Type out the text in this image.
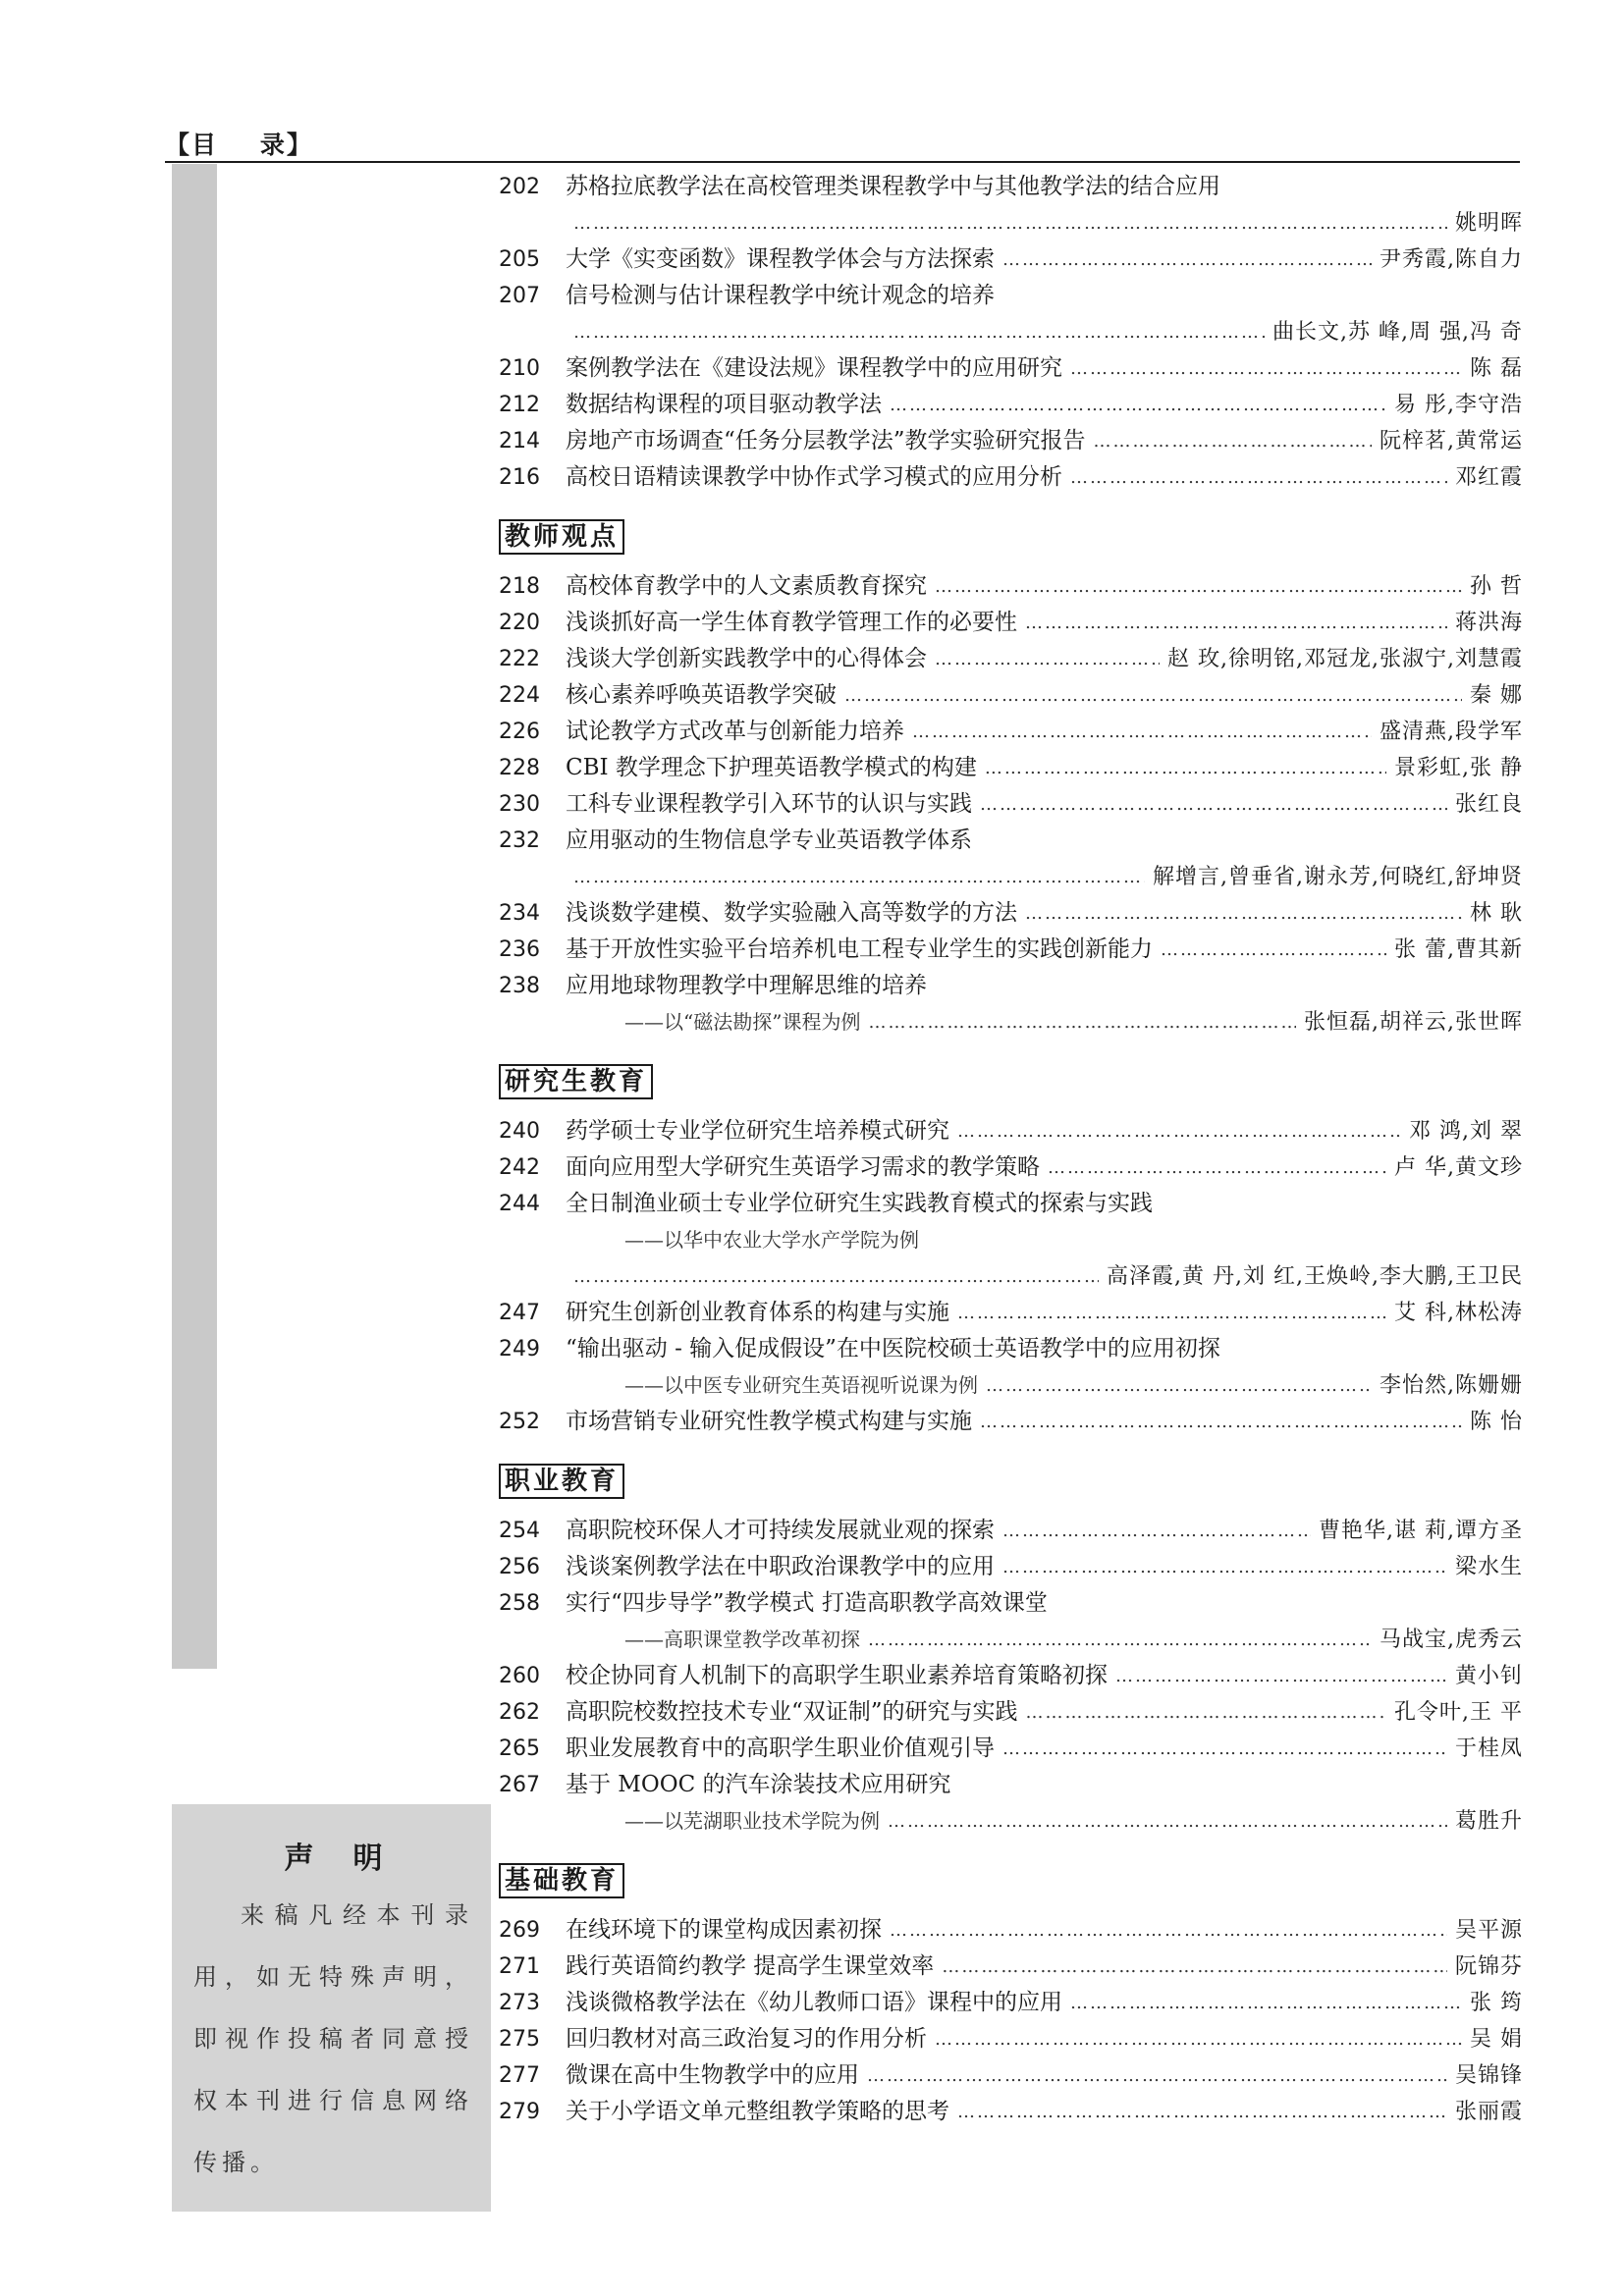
【目    录】
声明
来稿凡经本刊录用，如无特殊声明，即视作投稿者同意授权本刊进行信息网络传播。
202	苏格拉底教学法在高校管理类课程教学中与其他教学法的结合应用
……………………………………………………………………………………………………………………………………………………………………………………………………
姚明晖
205	大学《实变函数》课程教学体会与方法探索 ……………………………………………………………………………………………………………………………………………………………………………………………………	尹秀霞,陈自力
207	信号检测与估计课程教学中统计观念的培养
……………………………………………………………………………………………………………………………………………………………………………………………………
曲长文,苏 峰,周 强,冯 奇
210	案例教学法在《建设法规》课程教学中的应用研究 ……………………………………………………………………………………………………………………………………………………………………………………………………	陈 磊
212	数据结构课程的项目驱动教学法 ……………………………………………………………………………………………………………………………………………………………………………………………………	易 彤,李守浩
214	房地产市场调查“任务分层教学法”教学实验研究报告 ……………………………………………………………………………………………………………………………………………………………………………………………………	阮梓茗,黄常运
216	高校日语精读课教学中协作式学习模式的应用分析 ……………………………………………………………………………………………………………………………………………………………………………………………………	邓红霞
教师观点
218	高校体育教学中的人文素质教育探究 ……………………………………………………………………………………………………………………………………………………………………………………………………	孙 哲
220	浅谈抓好高一学生体育教学管理工作的必要性 ……………………………………………………………………………………………………………………………………………………………………………………………………	蒋洪海
222	浅谈大学创新实践教学中的心得体会 ……………………………………………………………………………………………………………………………………………………………………………………………………	赵 玫,徐明铭,邓冠龙,张淑宁,刘慧霞
224	核心素养呼唤英语教学突破 ……………………………………………………………………………………………………………………………………………………………………………………………………	秦 娜
226	试论教学方式改革与创新能力培养 ……………………………………………………………………………………………………………………………………………………………………………………………………	盛清燕,段学军
228	CBI 教学理念下护理英语教学模式的构建 ……………………………………………………………………………………………………………………………………………………………………………………………………	景彩虹,张 静
230	工科专业课程教学引入环节的认识与实践 ……………………………………………………………………………………………………………………………………………………………………………………………………	张红良
232	应用驱动的生物信息学专业英语教学体系
……………………………………………………………………………………………………………………………………………………………………………………………………
解增言,曾垂省,谢永芳,何晓红,舒坤贤
234	浅谈数学建模、数学实验融入高等数学的方法 ……………………………………………………………………………………………………………………………………………………………………………………………………	林 耿
236	基于开放性实验平台培养机电工程专业学生的实践创新能力 ……………………………………………………………………………………………………………………………………………………………………………………………………	张 蕾,曹其新
238	应用地球物理教学中理解思维的培养
——以“磁法勘探”课程为例 ……………………………………………………………………………………………………………………………………………………………………………………………………	张恒磊,胡祥云,张世晖
研究生教育
240	药学硕士专业学位研究生培养模式研究 ……………………………………………………………………………………………………………………………………………………………………………………………………	邓 鸿,刘 翠
242	面向应用型大学研究生英语学习需求的教学策略 ……………………………………………………………………………………………………………………………………………………………………………………………………	卢 华,黄文珍
244	全日制渔业硕士专业学位研究生实践教育模式的探索与实践
——以华中农业大学水产学院为例
……………………………………………………………………………………………………………………………………………………………………………………………………
高泽霞,黄 丹,刘 红,王焕岭,李大鹏,王卫民
247	研究生创新创业教育体系的构建与实施 ……………………………………………………………………………………………………………………………………………………………………………………………………	艾 科,林松涛
249	“输出驱动 - 输入促成假设”在中医院校硕士英语教学中的应用初探
——以中医专业研究生英语视听说课为例 ……………………………………………………………………………………………………………………………………………………………………………………………………	李怡然,陈姗姗
252	市场营销专业研究性教学模式构建与实施 ……………………………………………………………………………………………………………………………………………………………………………………………………	陈 怡
职业教育
254	高职院校环保人才可持续发展就业观的探索 ……………………………………………………………………………………………………………………………………………………………………………………………………	曹艳华,谌 莉,谭方圣
256	浅谈案例教学法在中职政治课教学中的应用 ……………………………………………………………………………………………………………………………………………………………………………………………………	梁水生
258	实行“四步导学”教学模式 打造高职教学高效课堂
——高职课堂教学改革初探 ……………………………………………………………………………………………………………………………………………………………………………………………………	马战宝,虎秀云
260	校企协同育人机制下的高职学生职业素养培育策略初探 ……………………………………………………………………………………………………………………………………………………………………………………………………	黄小钊
262	高职院校数控技术专业“双证制”的研究与实践 ……………………………………………………………………………………………………………………………………………………………………………………………………	孔令叶,王 平
265	职业发展教育中的高职学生职业价值观引导 ……………………………………………………………………………………………………………………………………………………………………………………………………	于桂凤
267	基于 MOOC 的汽车涂装技术应用研究
——以芜湖职业技术学院为例 ……………………………………………………………………………………………………………………………………………………………………………………………………	葛胜升
基础教育
269	在线环境下的课堂构成因素初探 ……………………………………………………………………………………………………………………………………………………………………………………………………	吴平源
271	践行英语简约教学 提高学生课堂效率 ……………………………………………………………………………………………………………………………………………………………………………………………………	阮锦芬
273	浅谈微格教学法在《幼儿教师口语》课程中的应用 ……………………………………………………………………………………………………………………………………………………………………………………………………	张 筠
275	回归教材对高三政治复习的作用分析 ……………………………………………………………………………………………………………………………………………………………………………………………………	吴 娟
277	微课在高中生物教学中的应用 ……………………………………………………………………………………………………………………………………………………………………………………………………	吴锦锋
279	关于小学语文单元整组教学策略的思考 ……………………………………………………………………………………………………………………………………………………………………………………………………	张丽霞
